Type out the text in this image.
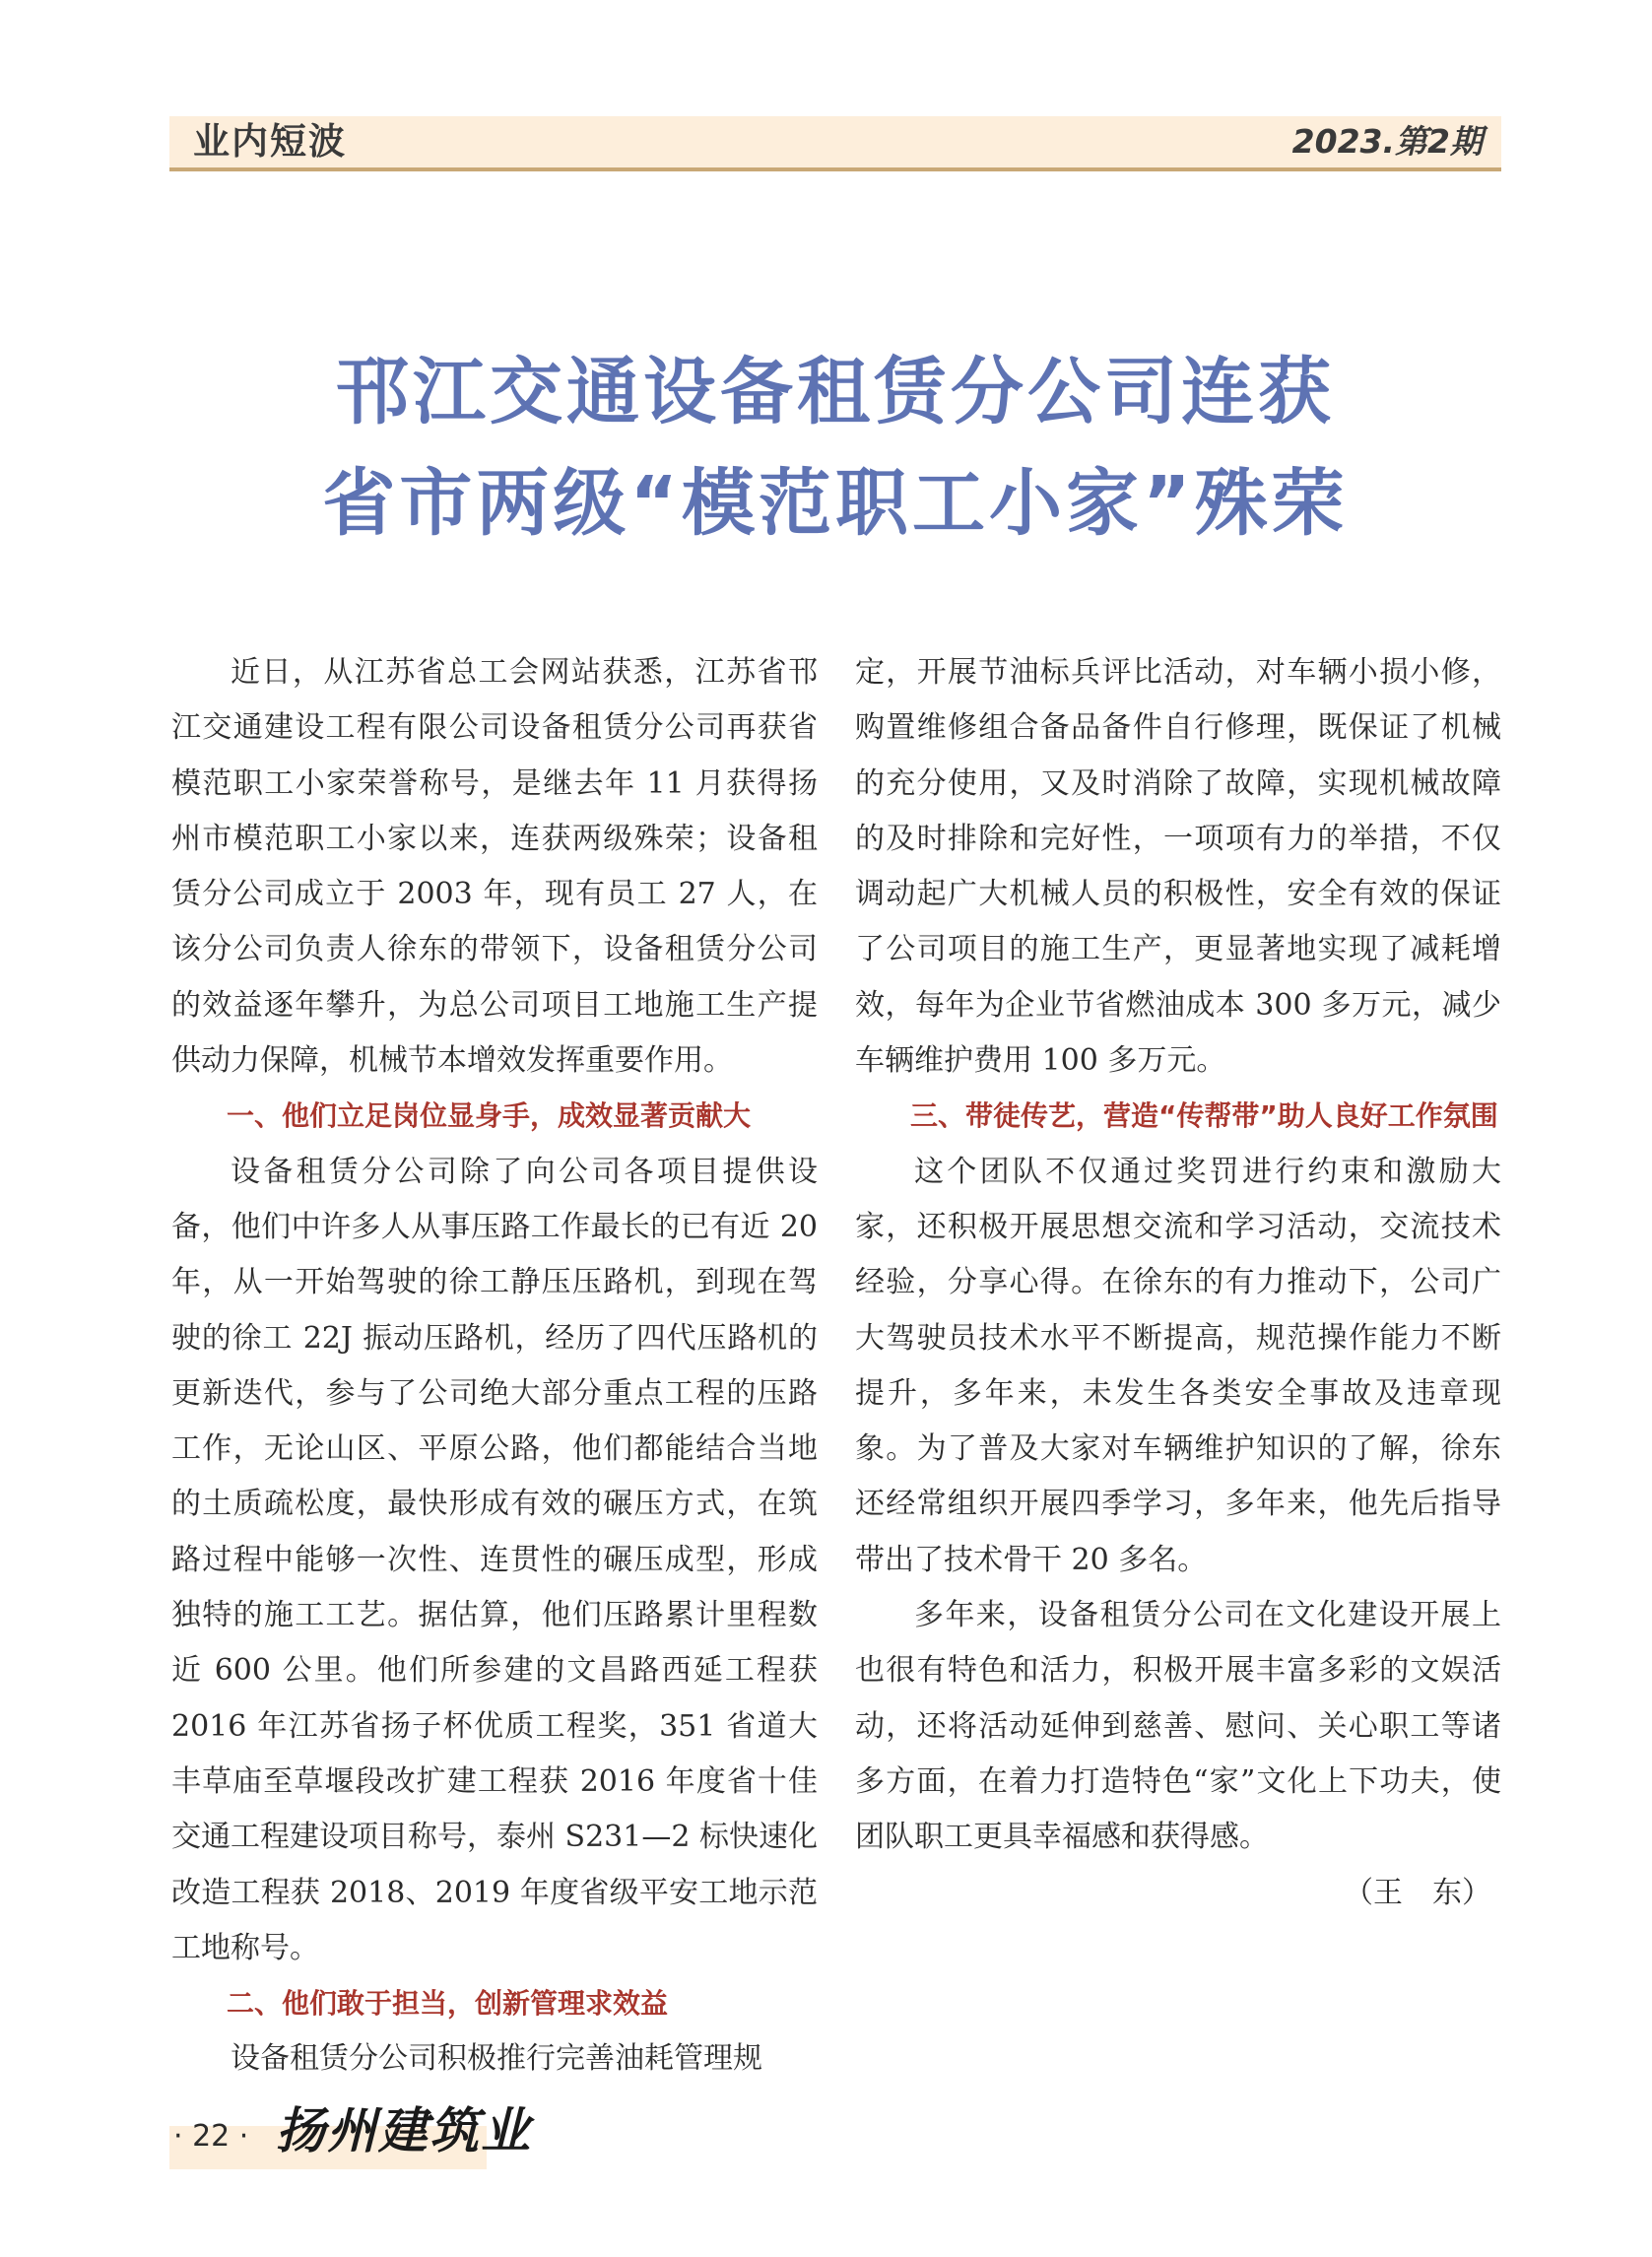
业内短波	2023.第2期
邗江交通设备租赁分公司连获
省市两级“模范职工小家”殊荣

近日，从江苏省总工会网站获悉，江苏省邗江交通建设工程有限公司设备租赁分公司再获省模范职工小家荣誉称号，是继去年 11 月获得扬州市模范职工小家以来，连获两级殊荣；设备租赁分公司成立于 2003 年，现有员工 27 人，在该分公司负责人徐东的带领下，设备租赁分公司的效益逐年攀升，为总公司项目工地施工生产提供动力保障，机械节本增效发挥重要作用。

一、他们立足岗位显身手，成效显著贡献大

设备租赁分公司除了向公司各项目提供设备，他们中许多人从事压路工作最长的已有近 20 年，从一开始驾驶的徐工静压压路机，到现在驾驶的徐工 22J 振动压路机，经历了四代压路机的更新迭代，参与了公司绝大部分重点工程的压路工作，无论山区、平原公路，他们都能结合当地的土质疏松度，最快形成有效的碾压方式，在筑路过程中能够一次性、连贯性的碾压成型，形成独特的施工工艺。据估算，他们压路累计里程数近 600 公里。他们所参建的文昌路西延工程获 2016 年江苏省扬子杯优质工程奖，351 省道大丰草庙至草堰段改扩建工程获 2016 年度省十佳交通工程建设项目称号，泰州 S231—2 标快速化改造工程获 2018、2019 年度省级平安工地示范工地称号。

二、他们敢于担当，创新管理求效益

设备租赁分公司积极推行完善油耗管理规

定，开展节油标兵评比活动，对车辆小损小修，购置维修组合备品备件自行修理，既保证了机械的充分使用，又及时消除了故障，实现机械故障的及时排除和完好性，一项项有力的举措，不仅调动起广大机械人员的积极性，安全有效的保证了公司项目的施工生产，更显著地实现了减耗增效，每年为企业节省燃油成本 300 多万元，减少车辆维护费用 100 多万元。

三、带徒传艺，营造“传帮带”助人良好工作氛围

这个团队不仅通过奖罚进行约束和激励大家，还积极开展思想交流和学习活动，交流技术经验，分享心得。在徐东的有力推动下，公司广大驾驶员技术水平不断提高，规范操作能力不断提升，多年来，未发生各类安全事故及违章现象。为了普及大家对车辆维护知识的了解，徐东还经常组织开展四季学习，多年来，他先后指导带出了技术骨干 20 多名。

多年来，设备租赁分公司在文化建设开展上也很有特色和活力，积极开展丰富多彩的文娱活动，还将活动延伸到慈善、慰问、关心职工等诸多方面，在着力打造特色“家”文化上下功夫，使团队职工更具幸福感和获得感。

（王　东）

· 22 · 扬州建筑业
